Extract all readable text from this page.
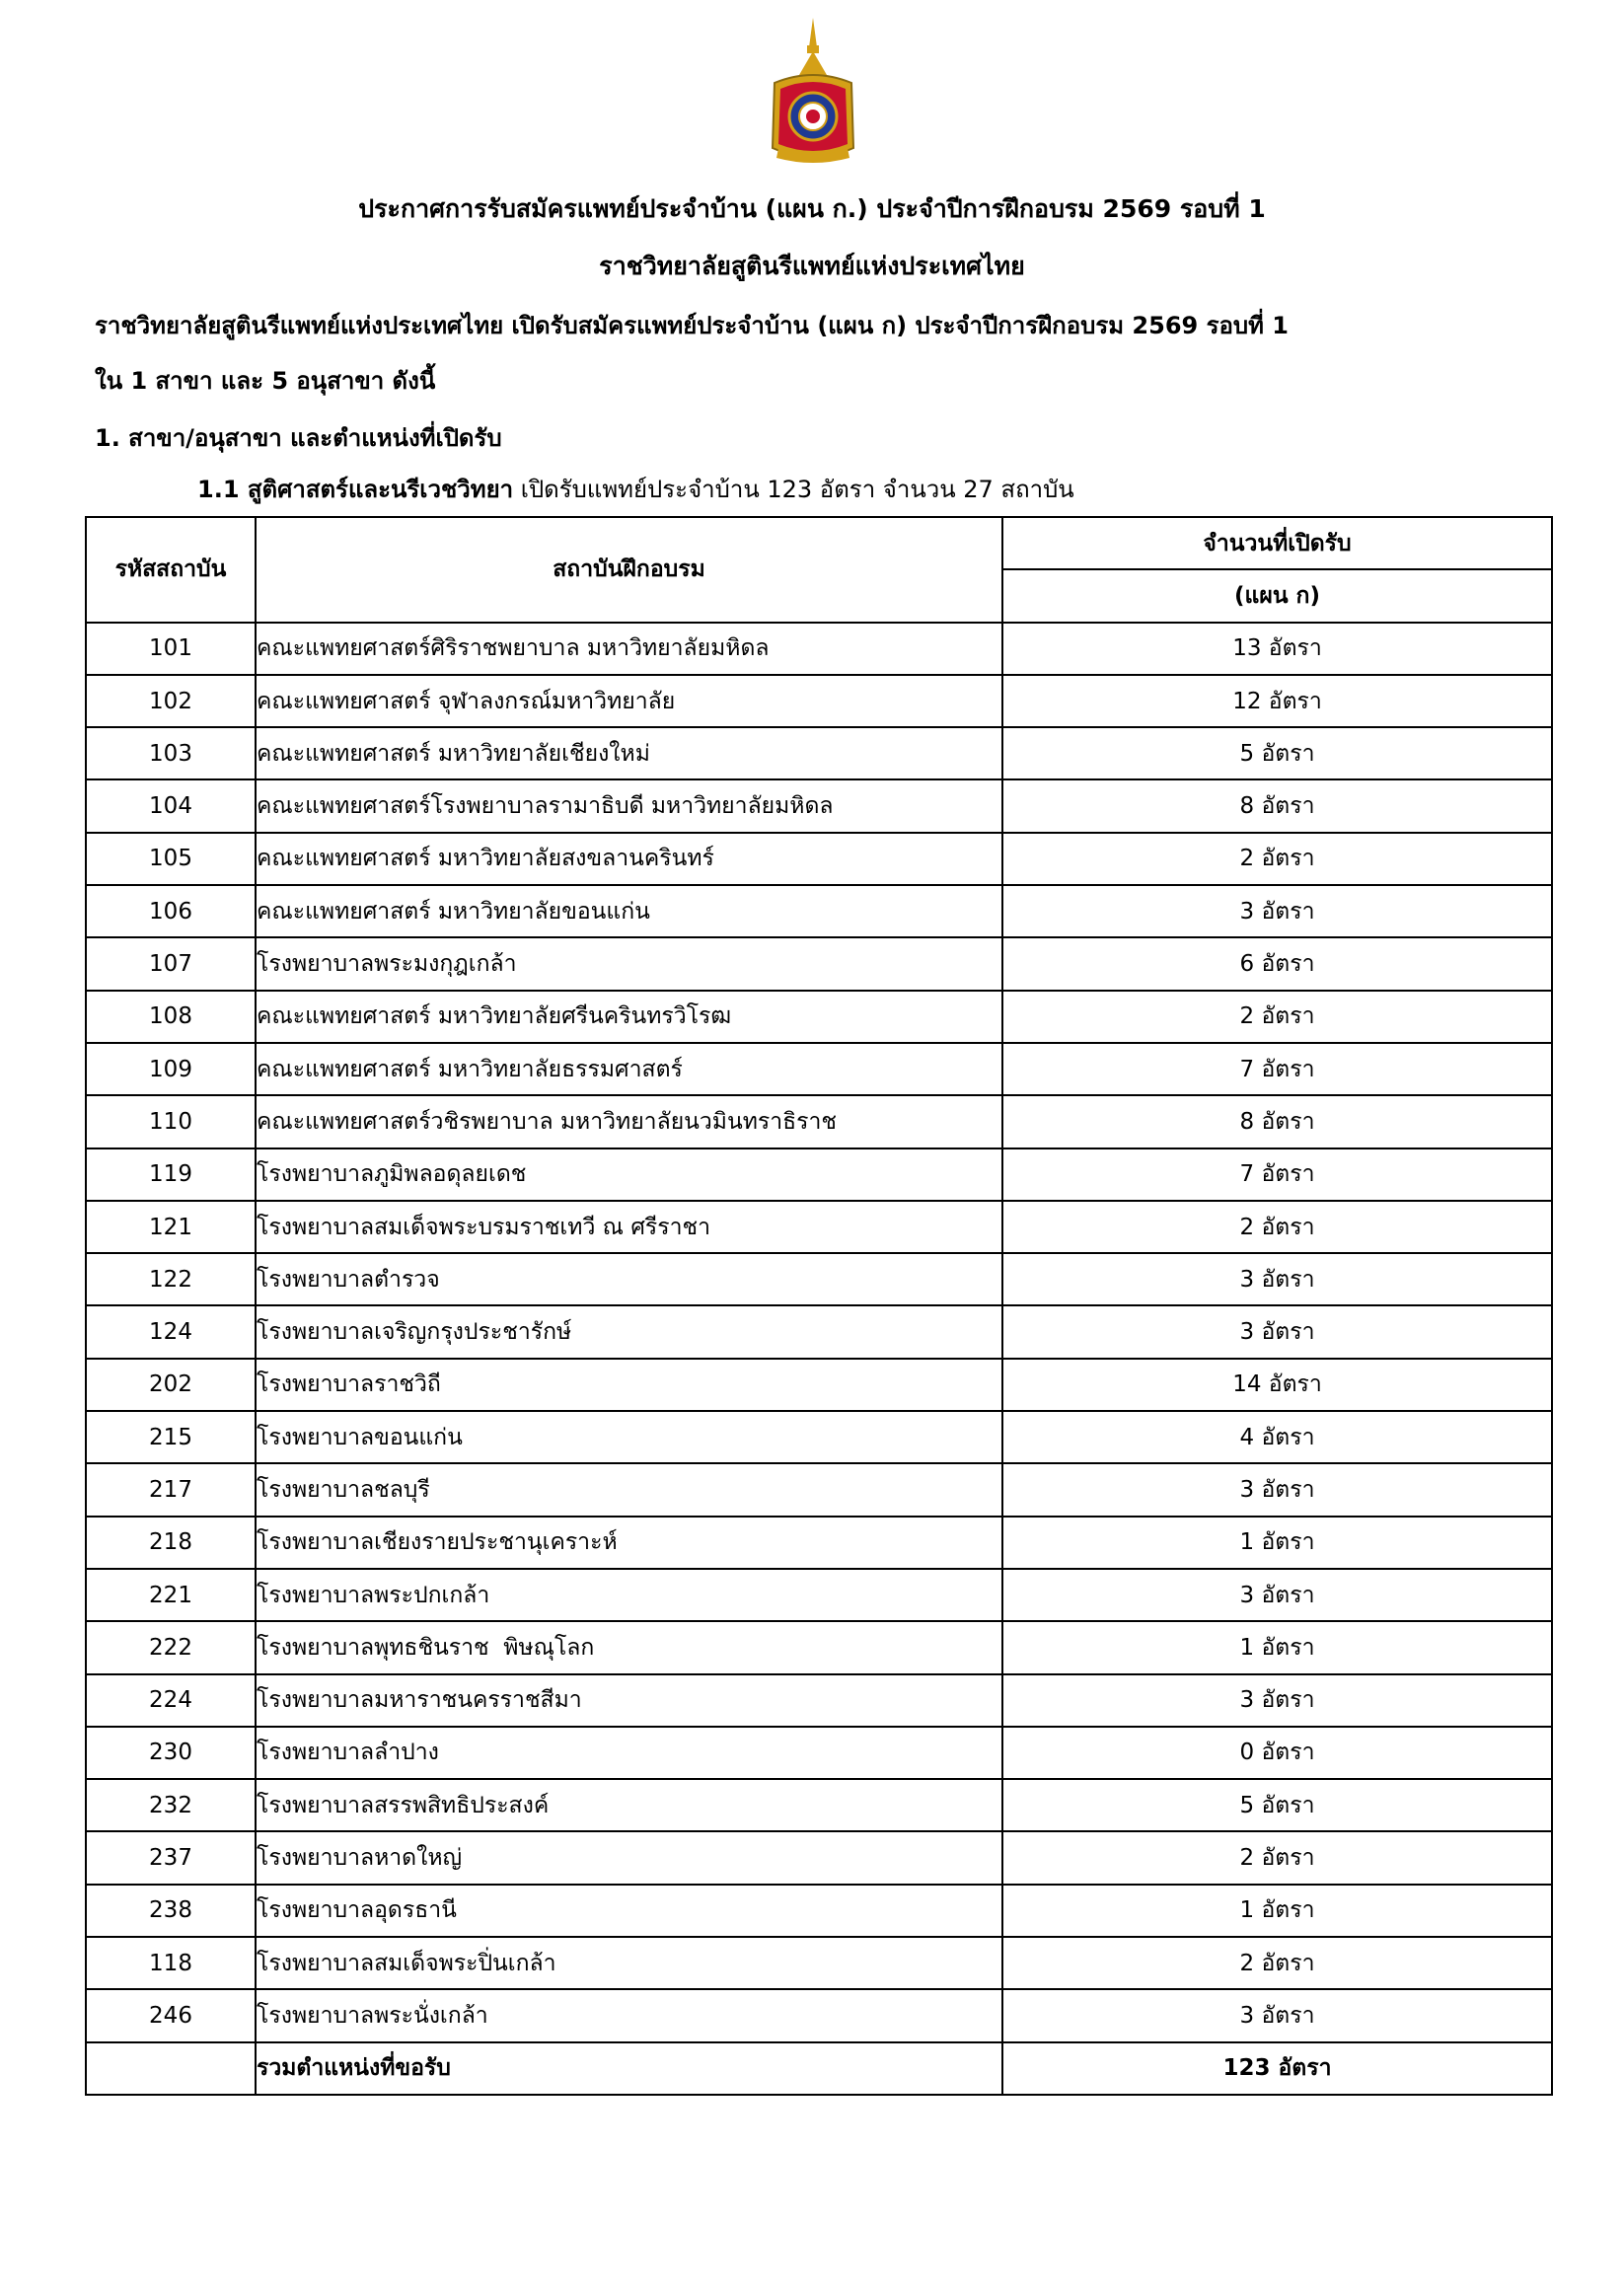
ประกาศการรับสมัครแพทย์ประจำบ้าน (แผน ก.) ประจำปีการฝึกอบรม 2569 รอบที่ 1
ราชวิทยาลัยสูตินรีแพทย์แห่งประเทศไทย
ราชวิทยาลัยสูตินรีแพทย์แห่งประเทศไทย เปิดรับสมัครแพทย์ประจำบ้าน (แผน ก) ประจำปีการฝึกอบรม 2569 รอบที่ 1
ใน 1 สาขา และ 5 อนุสาขา ดังนี้
1. สาขา/อนุสาขา และตำแหน่งที่เปิดรับ
1.1 สูติศาสตร์และนรีเวชวิทยา เปิดรับแพทย์ประจำบ้าน 123 อัตรา จำนวน 27 สถาบัน
รหัสสถาบัน	สถาบันฝึกอบรม	จำนวนที่เปิดรับ
		(แผน ก)
101	คณะแพทยศาสตร์ศิริราชพยาบาล มหาวิทยาลัยมหิดล	13 อัตรา
102	คณะแพทยศาสตร์ จุฬาลงกรณ์มหาวิทยาลัย	12 อัตรา
103	คณะแพทยศาสตร์ มหาวิทยาลัยเชียงใหม่	5 อัตรา
104	คณะแพทยศาสตร์โรงพยาบาลรามาธิบดี มหาวิทยาลัยมหิดล	8 อัตรา
105	คณะแพทยศาสตร์ มหาวิทยาลัยสงขลานครินทร์	2 อัตรา
106	คณะแพทยศาสตร์ มหาวิทยาลัยขอนแก่น	3 อัตรา
107	โรงพยาบาลพระมงกุฎเกล้า	6 อัตรา
108	คณะแพทยศาสตร์ มหาวิทยาลัยศรีนครินทรวิโรฒ	2 อัตรา
109	คณะแพทยศาสตร์ มหาวิทยาลัยธรรมศาสตร์	7 อัตรา
110	คณะแพทยศาสตร์วชิรพยาบาล มหาวิทยาลัยนวมินทราธิราช	8 อัตรา
119	โรงพยาบาลภูมิพลอดุลยเดช	7 อัตรา
121	โรงพยาบาลสมเด็จพระบรมราชเทวี ณ ศรีราชา	2 อัตรา
122	โรงพยาบาลตำรวจ	3 อัตรา
124	โรงพยาบาลเจริญกรุงประชารักษ์	3 อัตรา
202	โรงพยาบาลราชวิถี	14 อัตรา
215	โรงพยาบาลขอนแก่น	4 อัตรา
217	โรงพยาบาลชลบุรี	3 อัตรา
218	โรงพยาบาลเชียงรายประชานุเคราะห์	1 อัตรา
221	โรงพยาบาลพระปกเกล้า	3 อัตรา
222	โรงพยาบาลพุทธชินราช  พิษณุโลก	1 อัตรา
224	โรงพยาบาลมหาราชนครราชสีมา	3 อัตรา
230	โรงพยาบาลลำปาง	0 อัตรา
232	โรงพยาบาลสรรพสิทธิประสงค์	5 อัตรา
237	โรงพยาบาลหาดใหญ่	2 อัตรา
238	โรงพยาบาลอุดรธานี	1 อัตรา
118	โรงพยาบาลสมเด็จพระปิ่นเกล้า	2 อัตรา
246	โรงพยาบาลพระนั่งเกล้า	3 อัตรา
	รวมตำแหน่งที่ขอรับ	123 อัตรา
